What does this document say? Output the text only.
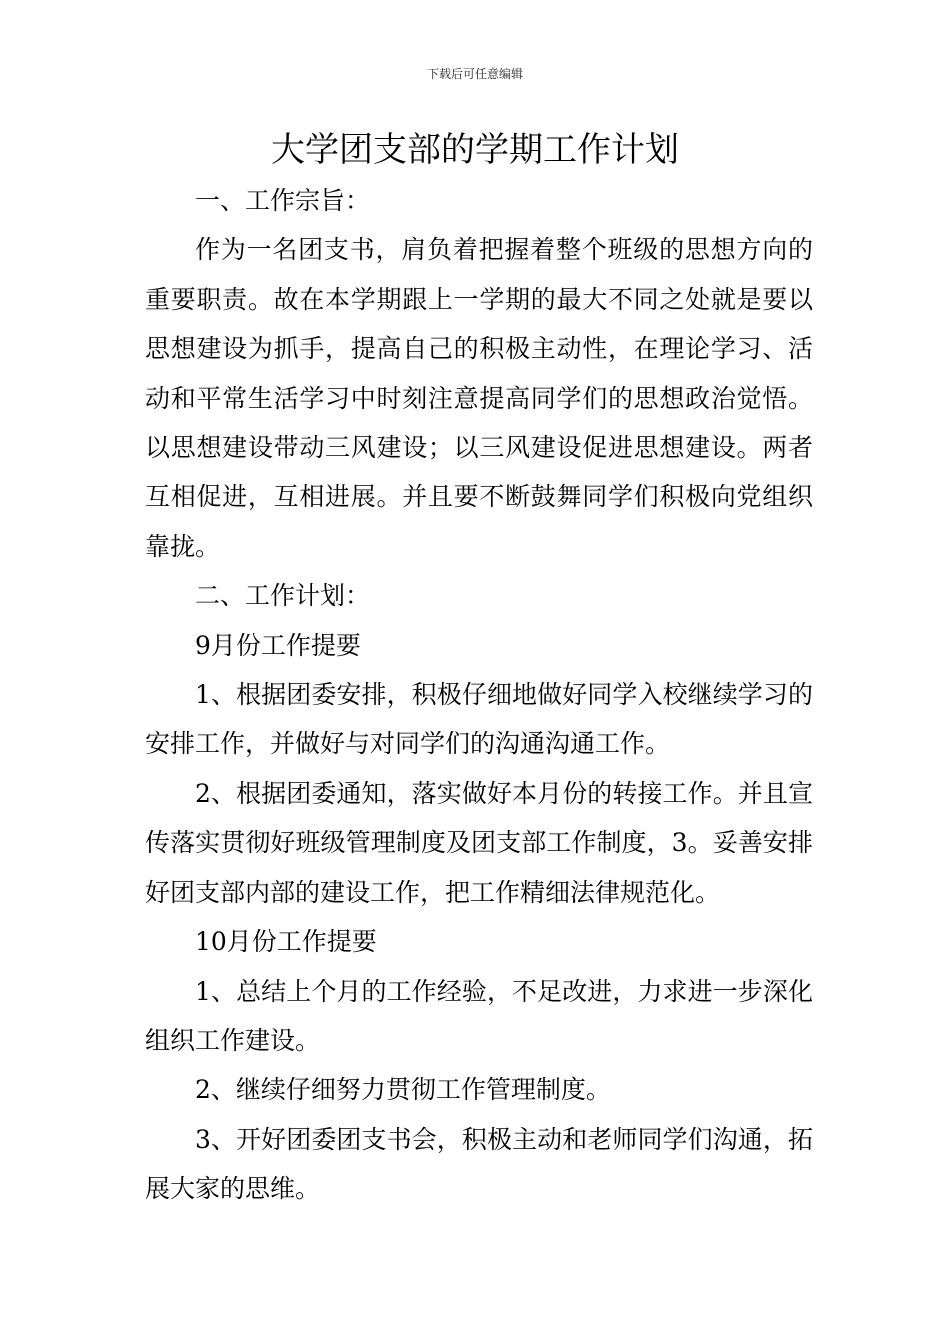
下载后可任意编辑
大学团支部的学期工作计划

一、工作宗旨：

作为一名团支书，肩负着把握着整个班级的思想方向的重要职责。故在本学期跟上一学期的最大不同之处就是要以思想建设为抓手，提高自己的积极主动性，在理论学习、活动和平常生活学习中时刻注意提高同学们的思想政治觉悟。以思想建设带动三风建设；以三风建设促进思想建设。两者互相促进，互相进展。并且要不断鼓舞同学们积极向党组织靠拢。

二、工作计划：

9月份工作提要

1、根据团委安排，积极仔细地做好同学入校继续学习的安排工作，并做好与对同学们的沟通沟通工作。

2、根据团委通知，落实做好本月份的转接工作。并且宣传落实贯彻好班级管理制度及团支部工作制度，3。妥善安排好团支部内部的建设工作，把工作精细法律规范化。

10月份工作提要

1、总结上个月的工作经验，不足改进，力求进一步深化组织工作建设。

2、继续仔细努力贯彻工作管理制度。

3、开好团委团支书会，积极主动和老师同学们沟通，拓展大家的思维。
